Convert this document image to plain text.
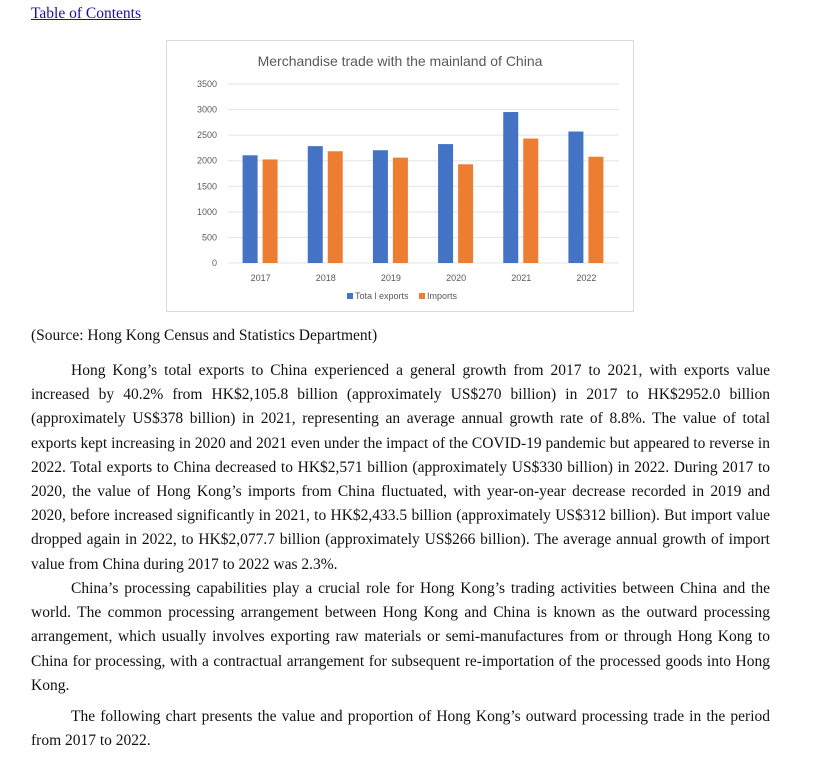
Table of Contents
Merchandise trade with the mainland of China
0
500
1000
1500
2000
2500
3000
3500
2017	2018	2019	2020	2021	2022
Tota l exports Imports
(Source: Hong Kong Census and Statistics Department)

Hong Kong’s total exports to China experienced a general growth from 2017 to 2021, with exports value increased by 40.2% from HK$2,105.8 billion (approximately US$270 billion) in 2017 to HK$2952.0 billion (approximately US$378 billion) in 2021, representing an average annual growth rate of 8.8%. The value of total exports kept increasing in 2020 and 2021 even under the impact of the COVID-19 pandemic but appeared to reverse in 2022. Total exports to China decreased to HK$2,571 billion (approximately US$330 billion) in 2022. During 2017 to 2020, the value of Hong Kong’s imports from China fluctuated, with year-on-year decrease recorded in 2019 and 2020, before increased significantly in 2021, to HK$2,433.5 billion (approximately US$312 billion). But import value dropped again in 2022, to HK$2,077.7 billion (approximately US$266 billion). The average annual growth of import value from China during 2017 to 2022 was 2.3%.

China’s processing capabilities play a crucial role for Hong Kong’s trading activities between China and the world. The common processing arrangement between Hong Kong and China is known as the outward processing arrangement, which usually involves exporting raw materials or semi-manufactures from or through Hong Kong to China for processing, with a contractual arrangement for subsequent re-importation of the processed goods into Hong Kong.

The following chart presents the value and proportion of Hong Kong’s outward processing trade in the period from 2017 to 2022.
